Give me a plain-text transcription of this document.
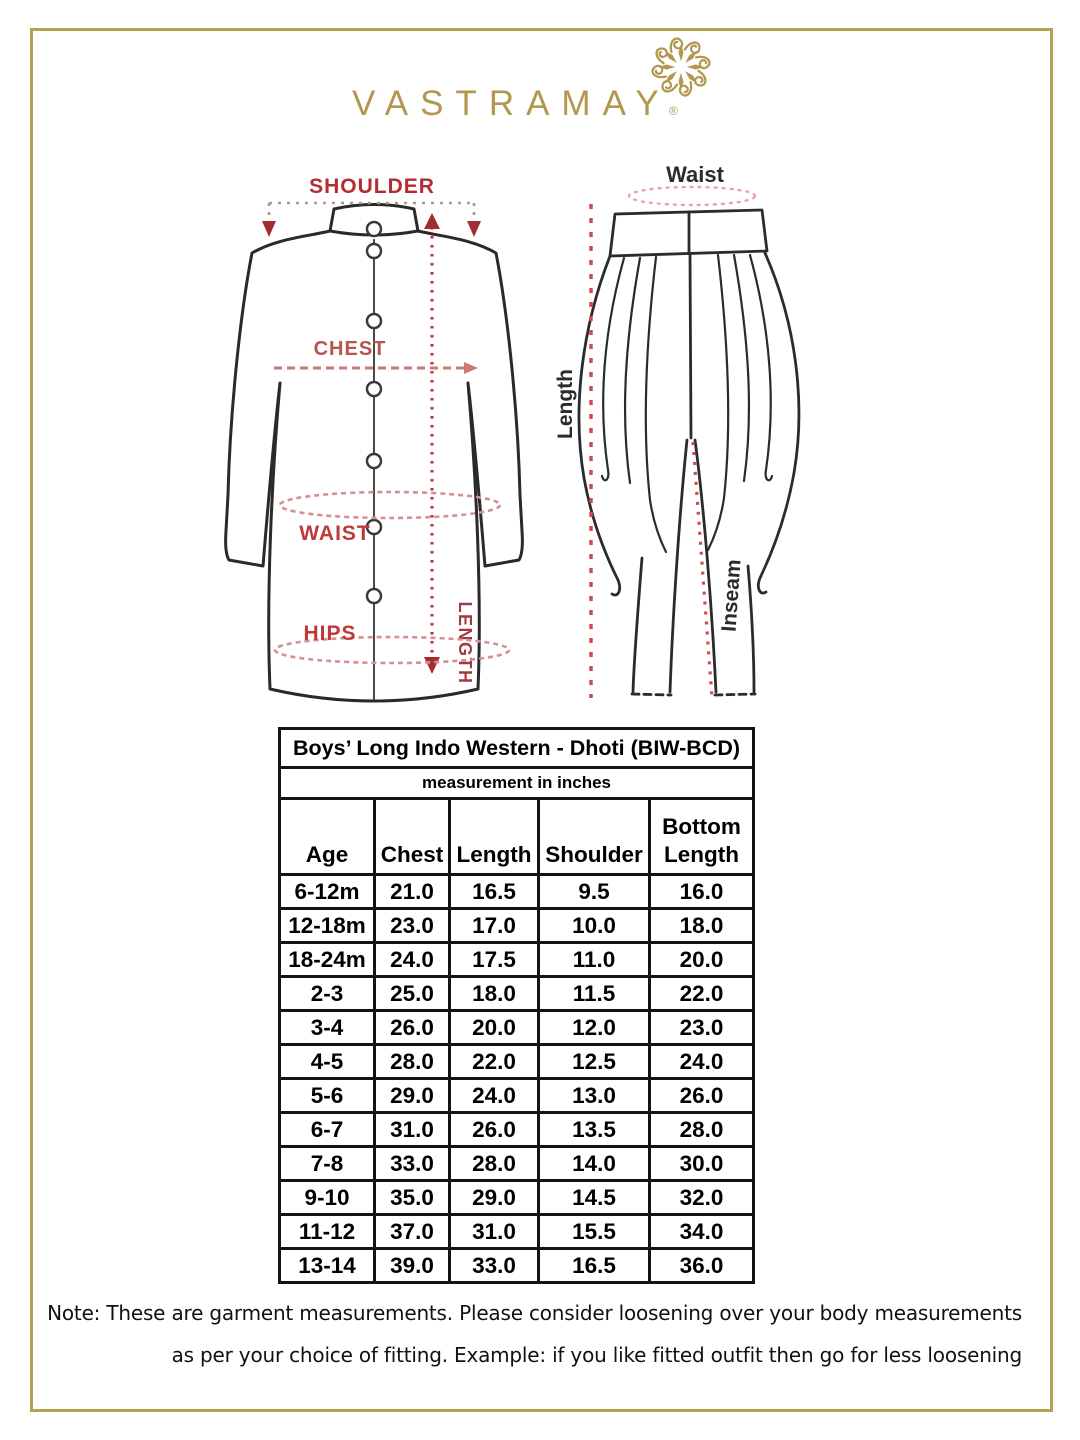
VASTRAMAY
®
SHOULDER
LENGTH
CHEST
WAIST
HIPS
Waist
Length
Inseam
Boys’ Long Indo Western - Dhoti (BIW-BCD)				
measurement in inches				
Age	Chest	Length	Shoulder	Bottom Length
6-12m	21.0	16.5	9.5	16.0
12-18m	23.0	17.0	10.0	18.0
18-24m	24.0	17.5	11.0	20.0
2-3	25.0	18.0	11.5	22.0
3-4	26.0	20.0	12.0	23.0
4-5	28.0	22.0	12.5	24.0
5-6	29.0	24.0	13.0	26.0
6-7	31.0	26.0	13.5	28.0
7-8	33.0	28.0	14.0	30.0
9-10	35.0	29.0	14.5	32.0
11-12	37.0	31.0	15.5	34.0
13-14	39.0	33.0	16.5	36.0
Note: These are garment measurements. Please consider loosening over your body measurements
as per your choice of fitting. Example: if you like fitted outfit then go for less loosening
